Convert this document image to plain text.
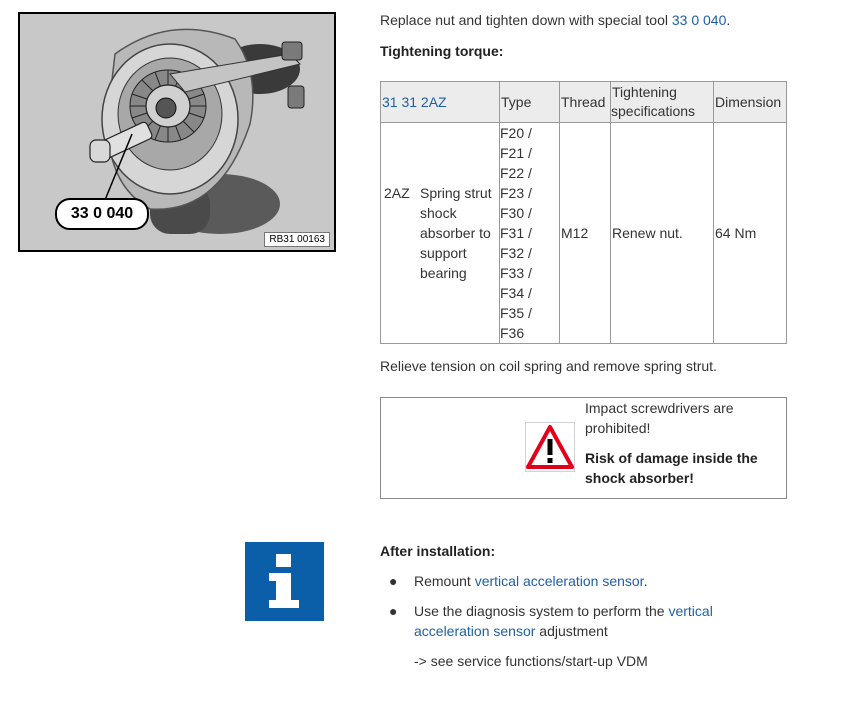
33 0 040
RB31 00163
Replace nut and tighten down with special tool 33 0 040.
Tightening torque:
31 31 2AZ	Type	Thread	Tightening specifications	Dimension

2AZ Spring strut shock absorber to support bearing	F20 / F21 / F22 / F23 / F30 / F31 / F32 / F33 / F34 / F35 / F36	M12	Renew nut.	64 Nm
Relieve tension on coil spring and remove spring strut.
Impact screwdrivers are prohibited!
Risk of damage inside the shock absorber!
After installation:
● Remount vertical acceleration sensor.
● Use the diagnosis system to perform the vertical acceleration sensor adjustment
-> see service functions/start-up VDM
